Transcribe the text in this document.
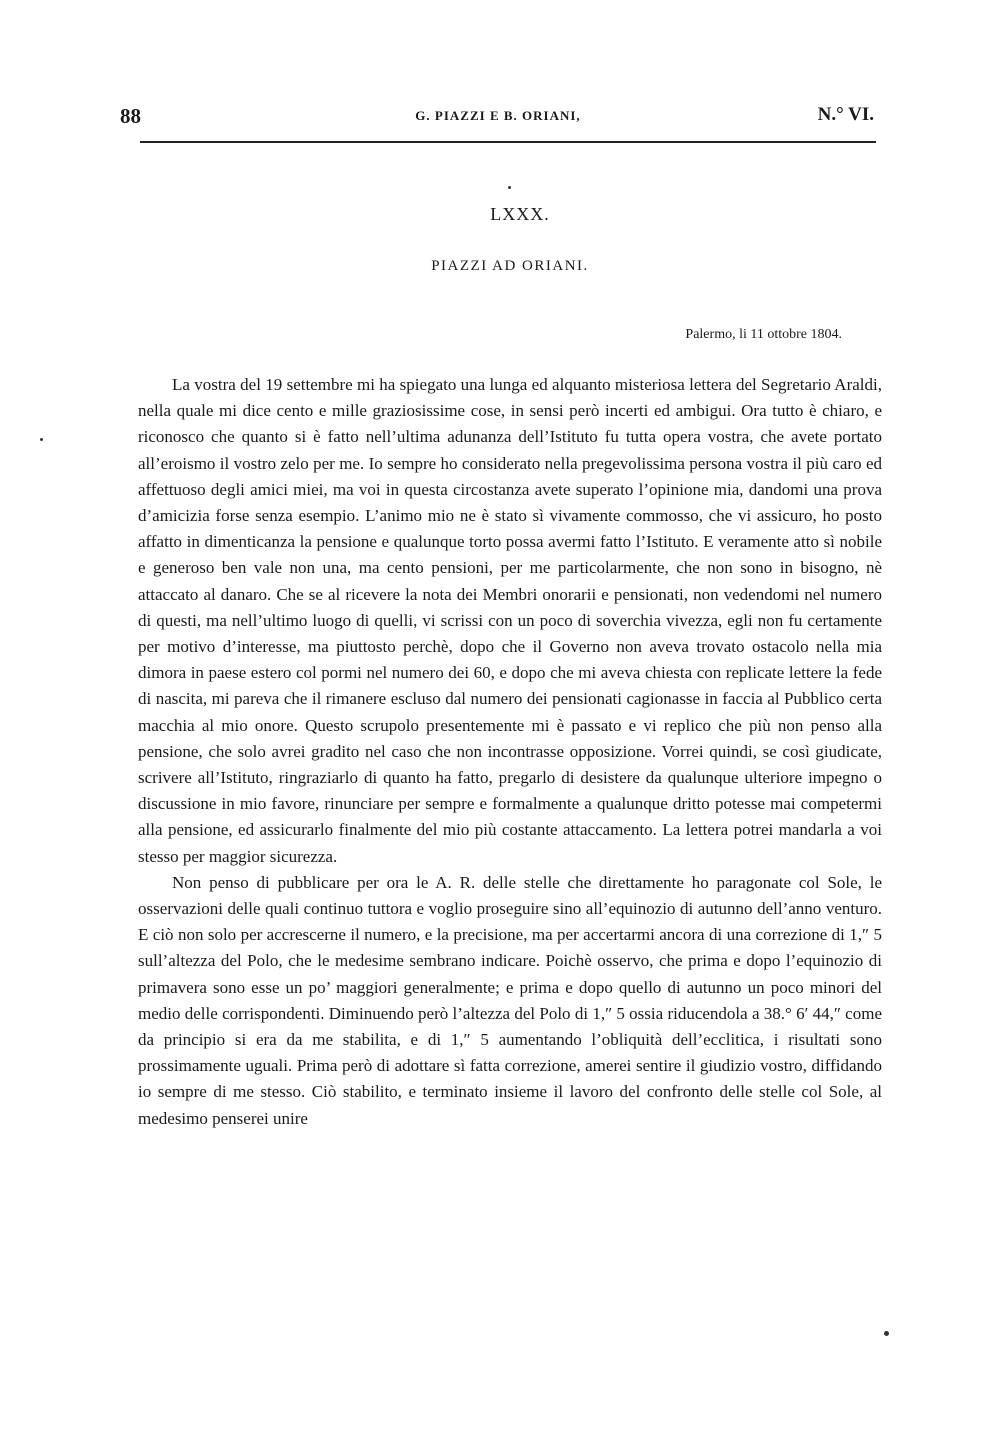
88	G. PIAZZI E B. ORIANI,	N.° VI.
LXXX.
PIAZZI AD ORIANI.
Palermo, li 11 ottobre 1804.

La vostra del 19 settembre mi ha spiegato una lunga ed alquanto misteriosa lettera del Segretario Araldi, nella quale mi dice cento e mille graziosissime cose, in sensi però incerti ed ambigui. Ora tutto è chiaro, e riconosco che quanto si è fatto nell’ultima adunanza dell’Istituto fu tutta opera vostra, che avete portato all’eroismo il vostro zelo per me. Io sempre ho considerato nella pregevolissima persona vostra il più caro ed affettuoso degli amici miei, ma voi in questa circostanza avete superato l’opinione mia, dandomi una prova d’amicizia forse senza esempio. L’animo mio ne è stato sì vivamente commosso, che vi assicuro, ho posto affatto in dimenticanza la pensione e qualunque torto possa avermi fatto l’Istituto. E veramente atto sì nobile e generoso ben vale non una, ma cento pensioni, per me particolarmente, che non sono in bisogno, nè attaccato al danaro. Che se al ricevere la nota dei Membri onorarii e pensionati, non vedendomi nel numero di questi, ma nell’ultimo luogo di quelli, vi scrissi con un poco di soverchia vivezza, egli non fu certamente per motivo d’interesse, ma piuttosto perchè, dopo che il Governo non aveva trovato ostacolo nella mia dimora in paese estero col pormi nel numero dei 60, e dopo che mi aveva chiesta con replicate lettere la fede di nascita, mi pareva che il rimanere escluso dal numero dei pensionati cagionasse in faccia al Pubblico certa macchia al mio onore. Questo scrupolo presentemente mi è passato e vi replico che più non penso alla pensione, che solo avrei gradito nel caso che non incontrasse opposizione. Vorrei quindi, se così giudicate, scrivere all’Istituto, ringraziarlo di quanto ha fatto, pregarlo di desistere da qualunque ulteriore impegno o discussione in mio favore, rinunciare per sempre e formalmente a qualunque dritto potesse mai competermi alla pensione, ed assicurarlo finalmente del mio più costante attaccamento. La lettera potrei mandarla a voi stesso per maggior sicurezza.

Non penso di pubblicare per ora le A. R. delle stelle che direttamente ho paragonate col Sole, le osservazioni delle quali continuo tuttora e voglio proseguire sino all’equinozio di autunno dell’anno venturo. E ciò non solo per accrescerne il numero, e la precisione, ma per accertarmi ancora di una correzione di 1,″ 5 sull’altezza del Polo, che le medesime sembrano indicare. Poichè osservo, che prima e dopo l’equinozio di primavera sono esse un po’ maggiori generalmente; e prima e dopo quello di autunno un poco minori del medio delle corrispondenti. Diminuendo però l’altezza del Polo di 1,″ 5 ossia riducendola a 38.° 6′ 44,″ come da principio si era da me stabilita, e di 1,″ 5 aumentando l’obliquità dell’ecclitica, i risultati sono prossimamente uguali. Prima però di adottare sì fatta correzione, amerei sentire il giudizio vostro, diffidando io sempre di me stesso. Ciò stabilito, e terminato insieme il lavoro del confronto delle stelle col Sole, al medesimo penserei unire
